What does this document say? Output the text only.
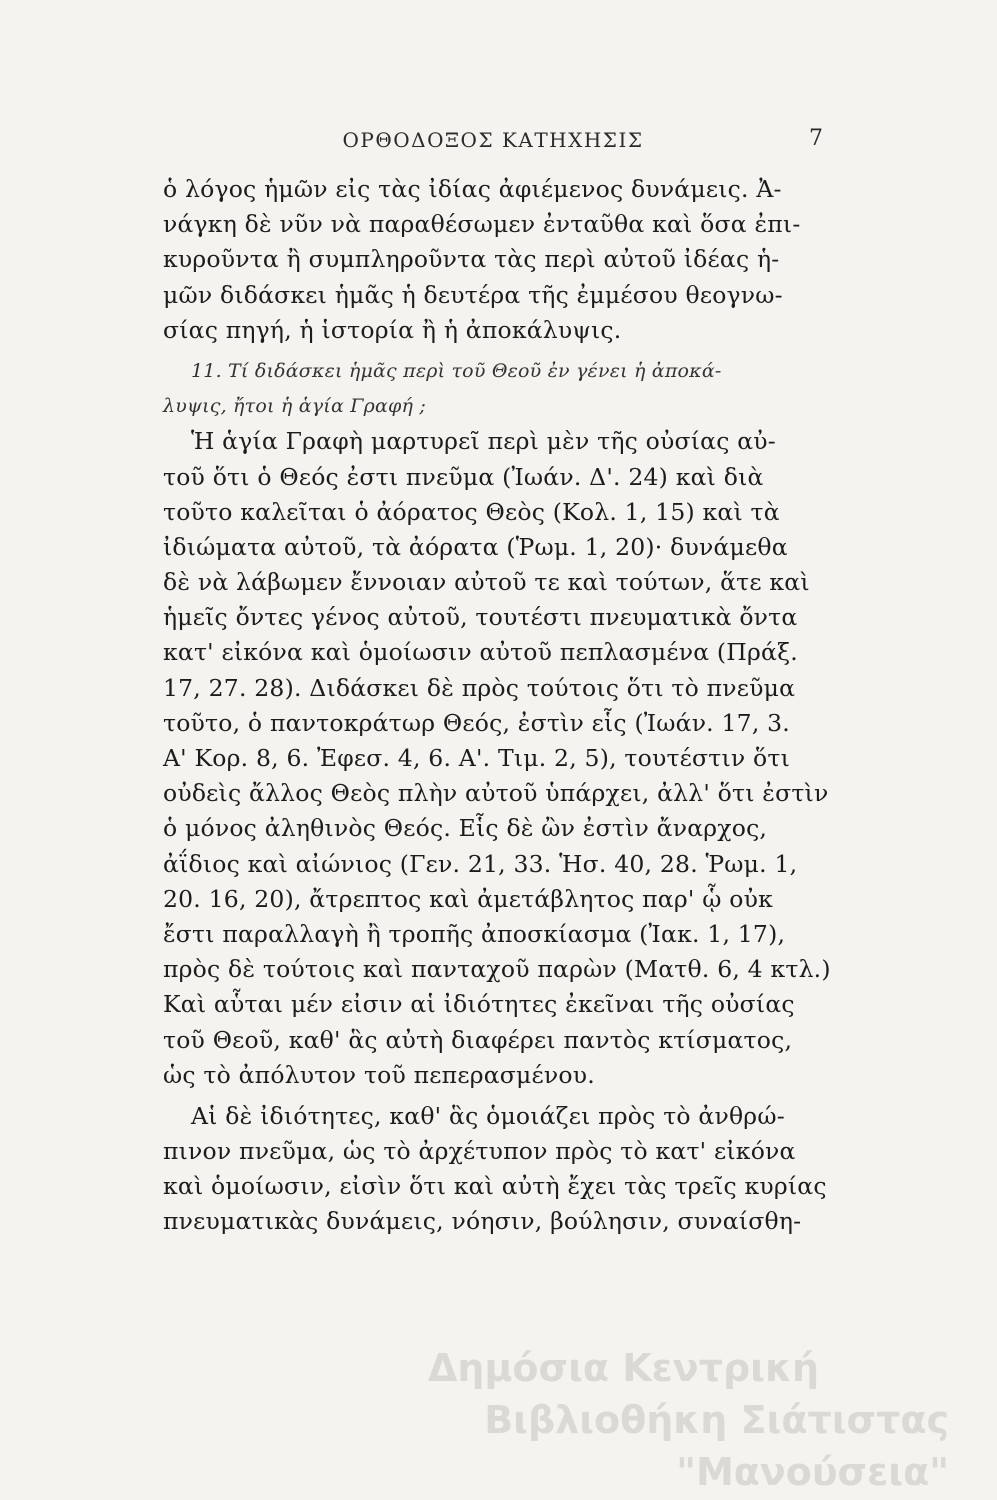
ΟΡΘΟΔΟΞΟΣ ΚΑΤΗΧΗΣΙΣ	7
ὁ λόγος ἡμῶν εἰς τὰς ἰδίας ἀφιέμενος δυνάμεις. Ἀ-
νάγκη δὲ νῦν νὰ παραθέσωμεν ἐνταῦθα καὶ ὅσα ἐπι-
κυροῦντα ἢ συμπληροῦντα τὰς περὶ αὐτοῦ ἰδέας ἡ-
μῶν διδάσκει ἡμᾶς ἡ δευτέρα τῆς ἐμμέσου θεογνω-
σίας πηγή, ἡ ἱστορία ἢ ἡ ἀποκάλυψις.
11. Τί διδάσκει ἡμᾶς περὶ τοῦ Θεοῦ ἐν γένει ἡ ἀποκά-
λυψις, ἤτοι ἡ ἁγία Γραφή ;
Ἡ ἁγία Γραφὴ μαρτυρεῖ περὶ μὲν τῆς οὐσίας αὐ-
τοῦ ὅτι ὁ Θεός ἐστι πνεῦμα (Ἰωάν. Δ'. 24) καὶ διὰ
τοῦτο καλεῖται ὁ ἀόρατος Θεὸς (Κολ. 1, 15) καὶ τὰ
ἰδιώματα αὐτοῦ, τὰ ἀόρατα (Ῥωμ. 1, 20)· δυνάμεθα
δὲ νὰ λάβωμεν ἔννοιαν αὐτοῦ τε καὶ τούτων, ἅτε καὶ
ἡμεῖς ὄντες γένος αὐτοῦ, τουτέστι πνευματικὰ ὄντα
κατ' εἰκόνα καὶ ὁμοίωσιν αὐτοῦ πεπλασμένα (Πράξ.
17, 27. 28). Διδάσκει δὲ πρὸς τούτοις ὅτι τὸ πνεῦμα
τοῦτο, ὁ παντοκράτωρ Θεός, ἐστὶν εἷς (Ἰωάν. 17, 3.
Α' Κορ. 8, 6. Ἐφεσ. 4, 6. Α'. Τιμ. 2, 5), τουτέστιν ὅτι
οὐδεὶς ἄλλος Θεὸς πλὴν αὐτοῦ ὑπάρχει, ἀλλ' ὅτι ἐστὶν
ὁ μόνος ἀληθινὸς Θεός. Εἷς δὲ ὢν ἐστὶν ἄναρχος,
ἀΐδιος καὶ αἰώνιος (Γεν. 21, 33. Ἡσ. 40, 28. Ῥωμ. 1,
20. 16, 20), ἄτρεπτος καὶ ἀμετάβλητος παρ' ᾧ οὐκ
ἔστι παραλλαγὴ ἢ τροπῆς ἀποσκίασμα (Ἰακ. 1, 17),
πρὸς δὲ τούτοις καὶ πανταχοῦ παρὼν (Ματθ. 6, 4 κτλ.)
Καὶ αὗται μέν εἰσιν αἱ ἰδιότητες ἐκεῖναι τῆς οὐσίας
τοῦ Θεοῦ, καθ' ἃς αὐτὴ διαφέρει παντὸς κτίσματος,
ὡς τὸ ἀπόλυτον τοῦ πεπερασμένου.
Αἱ δὲ ἰδιότητες, καθ' ἃς ὁμοιάζει πρὸς τὸ ἀνθρώ-
πινον πνεῦμα, ὡς τὸ ἀρχέτυπον πρὸς τὸ κατ' εἰκόνα
καὶ ὁμοίωσιν, εἰσὶν ὅτι καὶ αὐτὴ ἔχει τὰς τρεῖς κυρίας
πνευματικὰς δυνάμεις, νόησιν, βούλησιν, συναίσθη-
Δημόσια Κεντρική
Βιβλιοθήκη Σιάτιστας "Μανούσεια"
